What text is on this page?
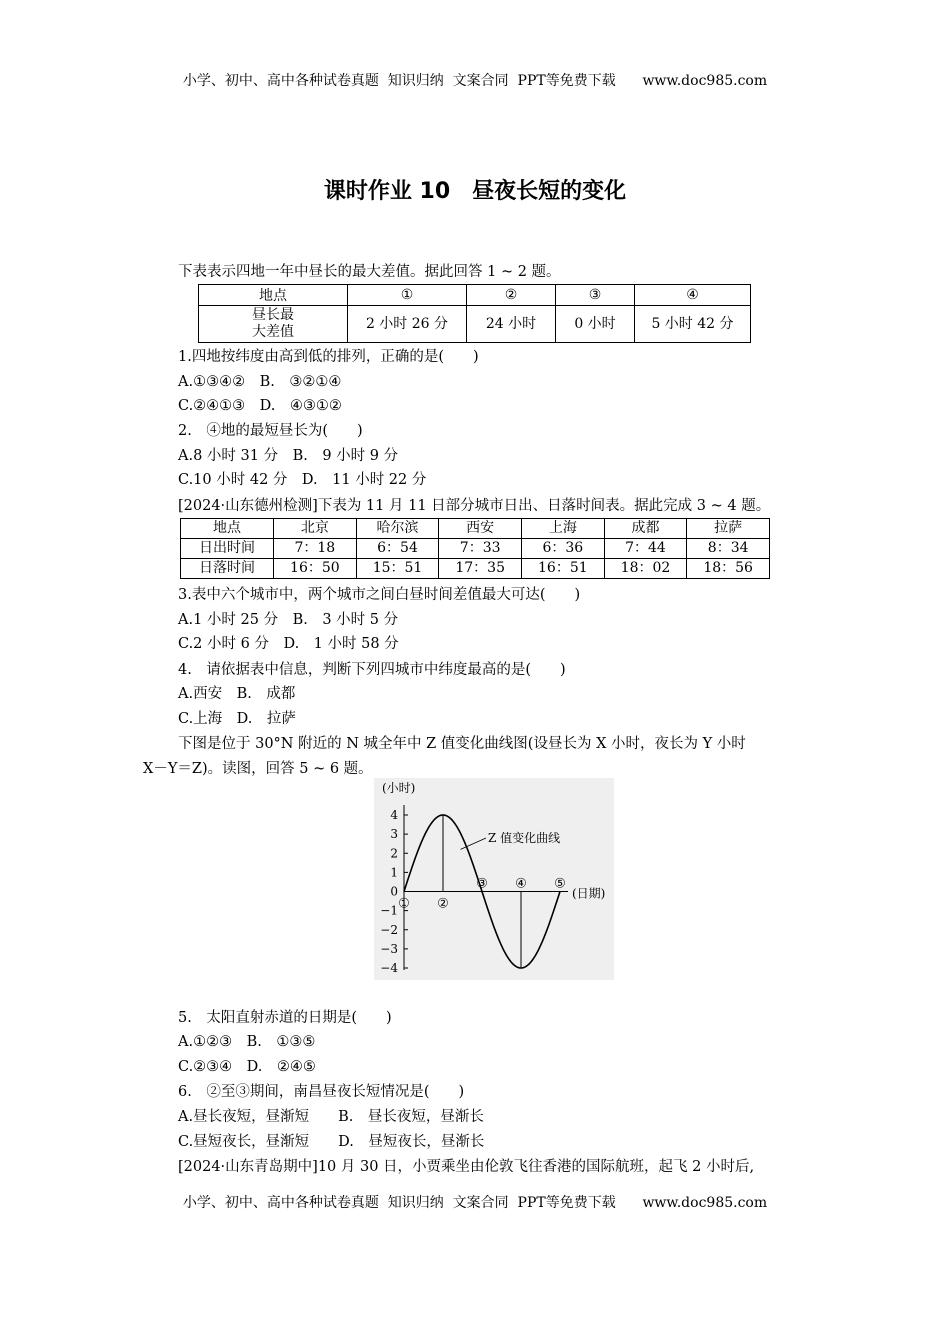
小学、初中、高中各种试卷真题  知识归纳  文案合同  PPT等免费下载      www.doc985.com
课时作业 10　昼夜长短的变化
下表表示四地一年中昼长的最大差值。据此回答 1 ~ 2 题。
地点	①	②	③	④

昼长最
大差值	2 小时 26 分	24 小时	0 小时	5 小时 42 分
1.四地按纬度由高到低的排列，正确的是(　　)
A.①③④②　B.　③②①④
C.②④①③　D.　④③①②
2.　④地的最短昼长为(　　)
A.8 小时 31 分　B.　9 小时 9 分
C.10 小时 42 分　D.　11 小时 22 分
[2024·山东德州检测]下表为 11 月 11 日部分城市日出、日落时间表。据此完成 3 ~ 4 题。
地点	北京	哈尔滨	西安	上海	成都	拉萨
日出时间	7：18	6：54	7：33	6：36	7：44	8：34
日落时间	16：50	15：51	17：35	16：51	18：02	18：56
3.表中六个城市中，两个城市之间白昼时间差值最大可达(　　)
A.1 小时 25 分　B.　3 小时 5 分
C.2 小时 6 分　D.　1 小时 58 分
4.　请依据表中信息，判断下列四城市中纬度最高的是(　　)
A.西安　B.　成都
C.上海　D.　拉萨
下图是位于 30°N 附近的 N 城全年中 Z 值变化曲线图(设昼长为 X 小时，夜长为 Y 小时
X－Y＝Z)。读图，回答 5 ~ 6 题。
(小时)
(日期)
4
3
2
1
0
−1
−2
−3
−4
① ②
③ ④ ⑤
Z 值变化曲线
5.　太阳直射赤道的日期是(　　)
A.①②③　B.　①③⑤
C.②③④　D.　②④⑤
6.　②至③期间，南昌昼夜长短情况是(　　)
A.昼长夜短，昼渐短　　B.　昼长夜短，昼渐长
C.昼短夜长，昼渐短　　D.　昼短夜长，昼渐长
[2024·山东青岛期中]10 月 30 日，小贾乘坐由伦敦飞往香港的国际航班，起飞 2 小时后,
小学、初中、高中各种试卷真题  知识归纳  文案合同  PPT等免费下载      www.doc985.com
